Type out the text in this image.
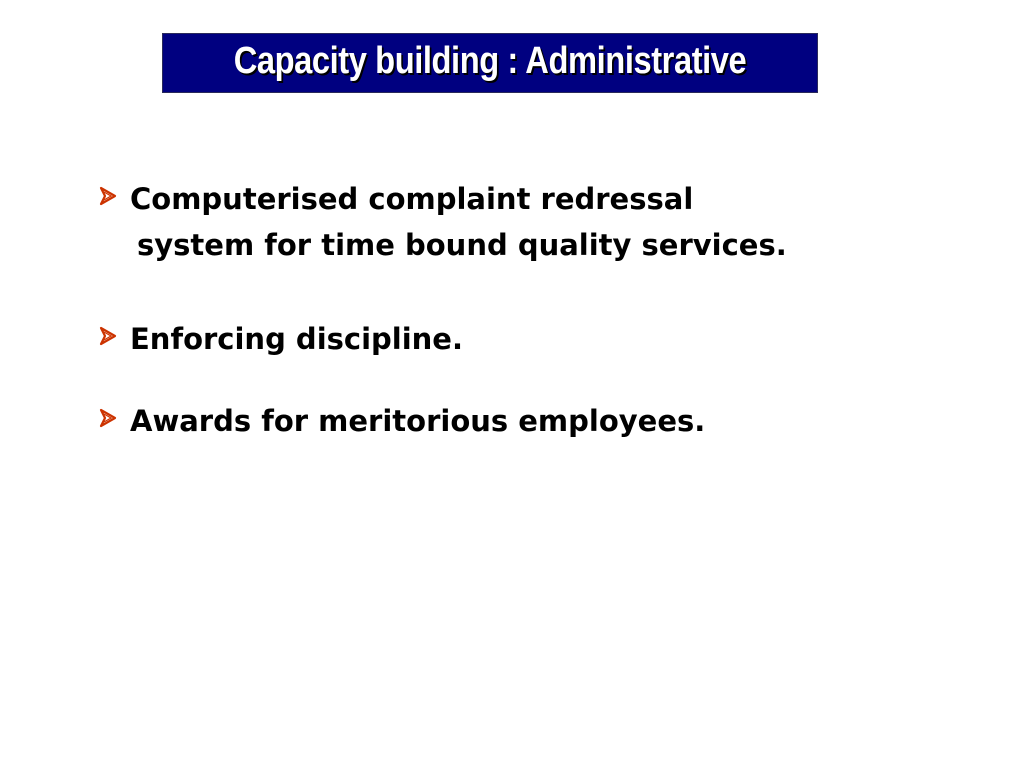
Capacity building : Administrative
Computerised complaint redressal
system for time bound quality services.
Enforcing discipline.
Awards for meritorious employees.
